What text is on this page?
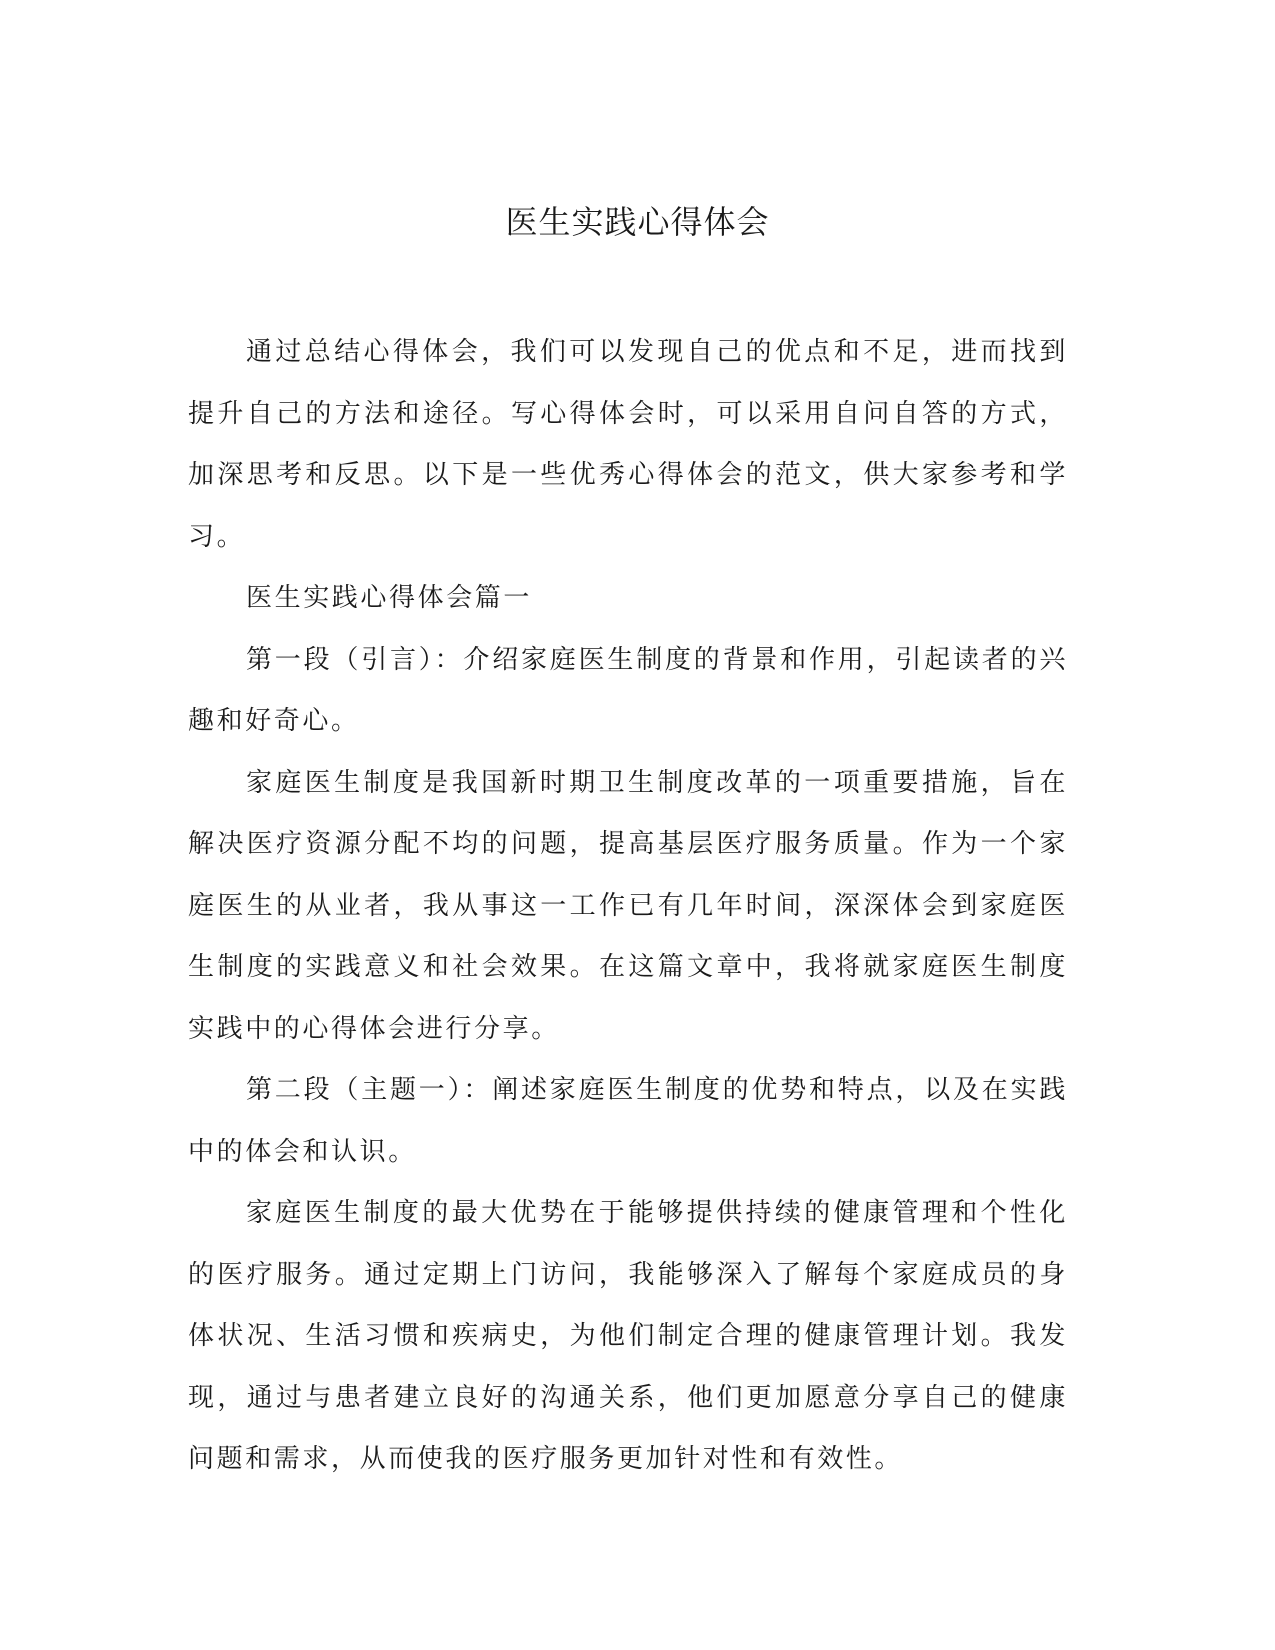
医生实践心得体会

通过总结心得体会，我们可以发现自己的优点和不足，进而找到提升自己的方法和途径。写心得体会时，可以采用自问自答的方式，加深思考和反思。以下是一些优秀心得体会的范文，供大家参考和学习。

医生实践心得体会篇一

第一段（引言）：介绍家庭医生制度的背景和作用，引起读者的兴趣和好奇心。

家庭医生制度是我国新时期卫生制度改革的一项重要措施，旨在解决医疗资源分配不均的问题，提高基层医疗服务质量。作为一个家庭医生的从业者，我从事这一工作已有几年时间，深深体会到家庭医生制度的实践意义和社会效果。在这篇文章中，我将就家庭医生制度实践中的心得体会进行分享。

第二段（主题一）：阐述家庭医生制度的优势和特点，以及在实践中的体会和认识。

家庭医生制度的最大优势在于能够提供持续的健康管理和个性化的医疗服务。通过定期上门访问，我能够深入了解每个家庭成员的身体状况、生活习惯和疾病史，为他们制定合理的健康管理计划。我发现，通过与患者建立良好的沟通关系，他们更加愿意分享自己的健康问题和需求，从而使我的医疗服务更加针对性和有效性。
